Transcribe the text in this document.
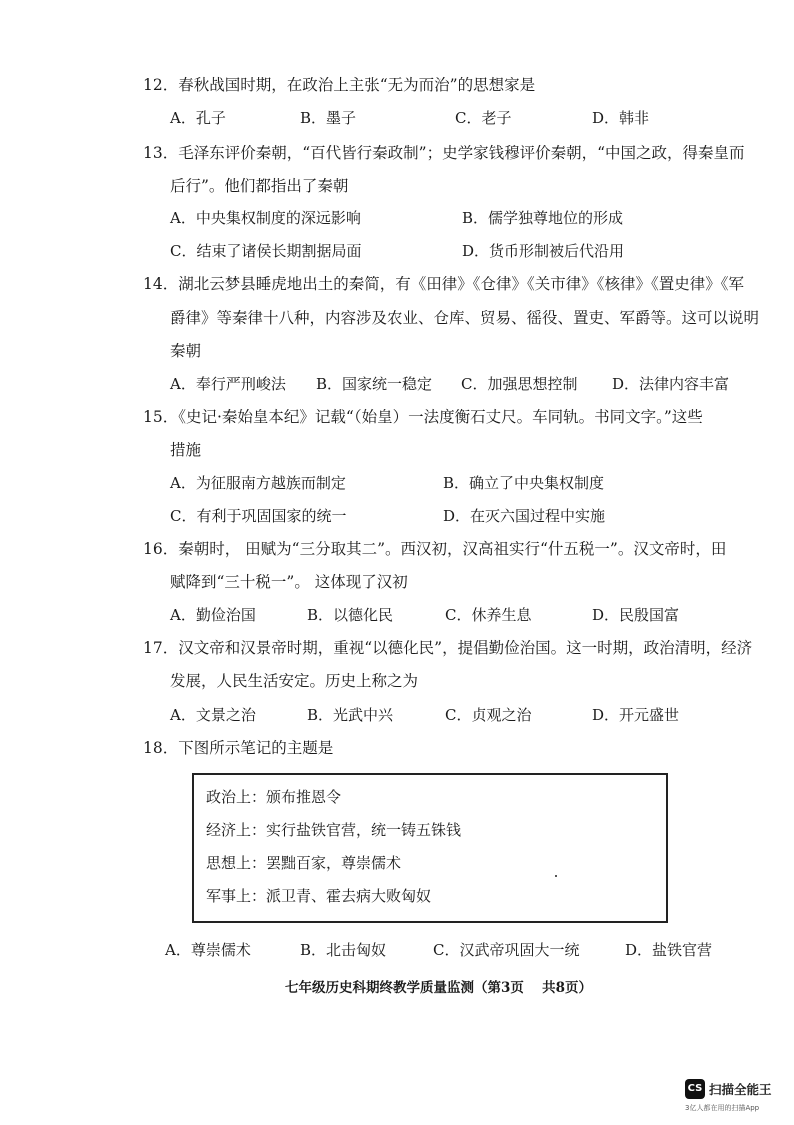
12．春秋战国时期，在政治上主张“无为而治”的思想家是
A．孔子	B．墨子	C．老子	D．韩非
13．毛泽东评价秦朝，“百代皆行秦政制”；史学家钱穆评价秦朝，“中国之政，得秦皇而
后行”。他们都指出了秦朝
A．中央集权制度的深远影响	B．儒学独尊地位的形成
C．结束了诸侯长期割据局面	D．货币形制被后代沿用
14．湖北云梦县睡虎地出土的秦简，有《田律》《仓律》《关市律》《核律》《置史律》《军
爵律》等秦律十八种，内容涉及农业、仓库、贸易、徭役、置吏、军爵等。这可以说明
秦朝
A．奉行严刑峻法 B．国家统一稳定 C．加强思想控制 D．法律内容丰富
15．《史记·秦始皇本纪》记载“（始皇）一法度衡石丈尺。车同轨。书同文字。”这些
措施
A．为征服南方越族而制定	B．确立了中央集权制度
C．有利于巩固国家的统一	D．在灭六国过程中实施
16．秦朝时， 田赋为“三分取其二”。西汉初，汉高祖实行“什五税一”。汉文帝时，田
赋降到“三十税一”。 这体现了汉初
A．勤俭治国	B．以德化民	C．休养生息	D．民殷国富
17．汉文帝和汉景帝时期，重视“以德化民”，提倡勤俭治国。这一时期，政治清明，经济
发展，人民生活安定。历史上称之为
A．文景之治	B．光武中兴	C．贞观之治	D．开元盛世
18．下图所示笔记的主题是
政治上：颁布推恩令
经济上：实行盐铁官营，统一铸五铢钱
思想上：罢黜百家，尊崇儒术
军事上：派卫青、霍去病大败匈奴
A．尊崇儒术	B．北击匈奴	C．汉武帝巩固大一统	D．盐铁官营
七年级历史科期终教学质量监测（第3页　 共8页）
CS 扫描全能王
3亿人都在用的扫描App
